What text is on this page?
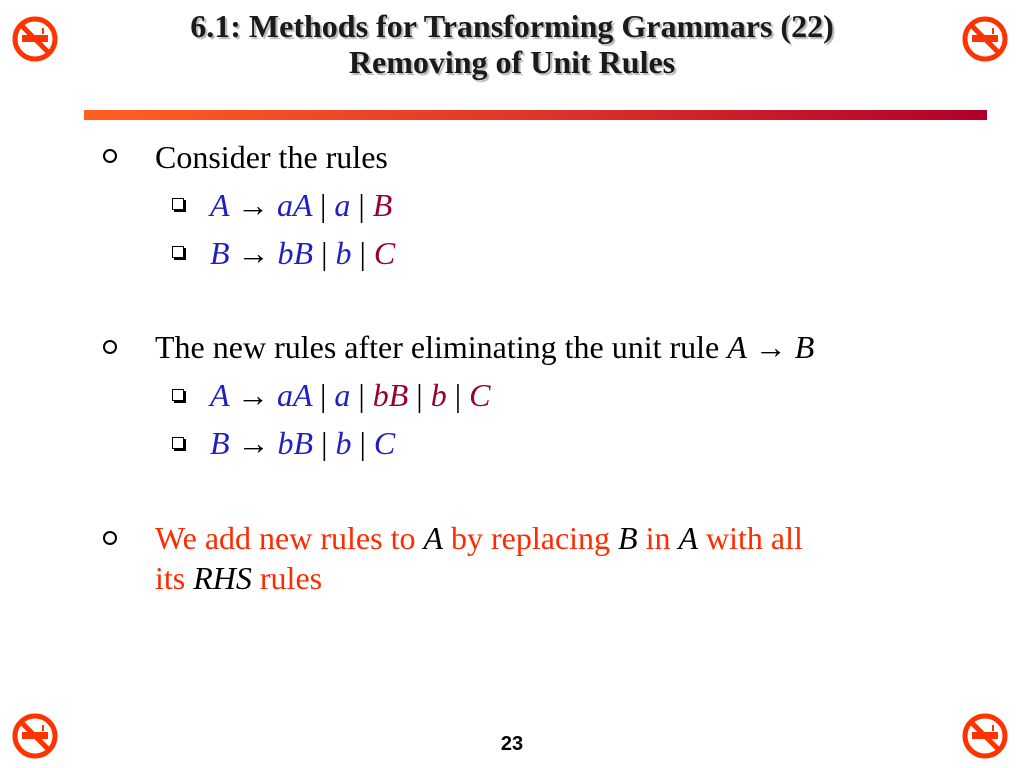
6.1: Methods for Transforming Grammars (22)
Removing of Unit Rules
Consider the rules
A → aA | a | B
B → bB | b | C
The new rules after eliminating the unit rule A → B
A → aA | a | bB | b | C
B → bB | b | C
We add new rules to A by replacing B in A with all
its RHS rules
23
